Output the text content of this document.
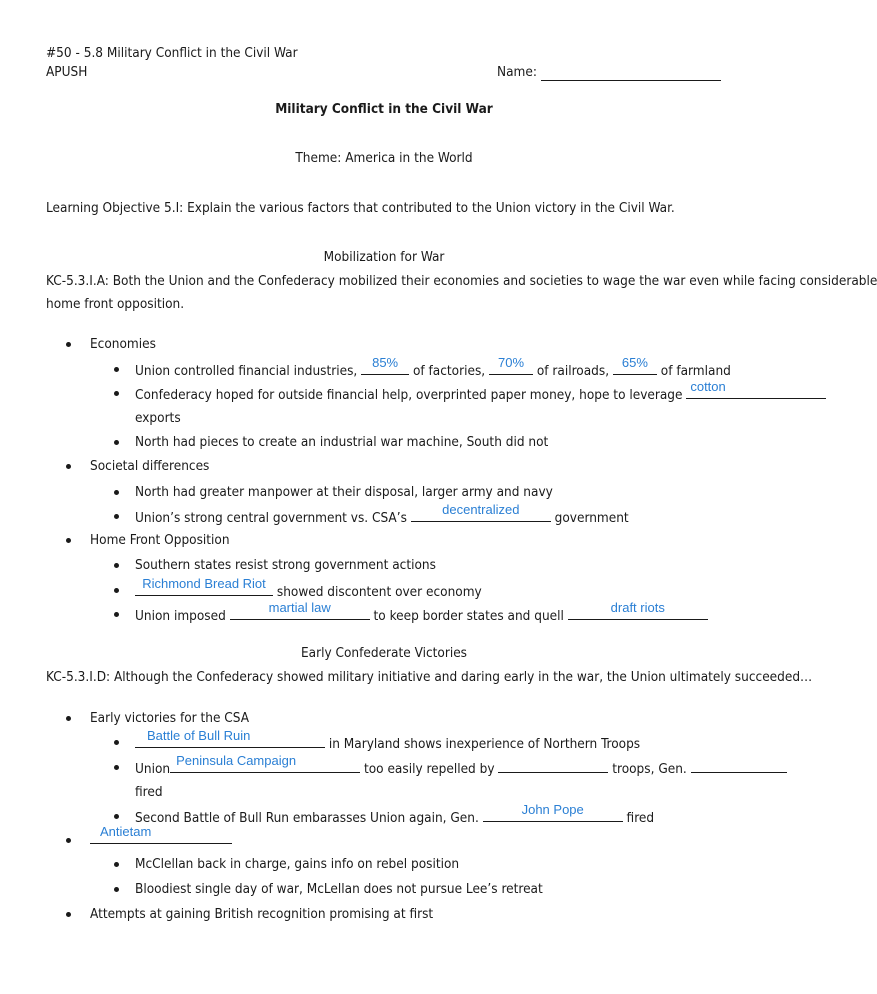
#50 - 5.8 Military Conflict in the Civil War
APUSH	Name:
Military Conflict in the Civil War
Theme: America in the World
Learning Objective 5.I: Explain the various factors that contributed to the Union victory in the Civil War.
Mobilization for War
KC-5.3.I.A: Both the Union and the Confederacy mobilized their economies and societies to wage the war even while facing considerable
home front opposition.
Economies
Union controlled financial industries,
85%
of factories,
70%
of railroads,
65%
of farmland
Confederacy hoped for outside financial help, overprinted paper money, hope to leverage
cotton
exports
North had pieces to create an industrial war machine, South did not
Societal differences
North had greater manpower at their disposal, larger army and navy
Union’s strong central government vs. CSA’s
decentralized
government
Home Front Opposition
Southern states resist strong government actions
Richmond Bread Riot
showed discontent over economy
Union imposed
martial law
to keep border states and quell
draft riots
Early Confederate Victories
KC-5.3.I.D: Although the Confederacy showed military initiative and daring early in the war, the Union ultimately succeeded…
Early victories for the CSA
Battle of Bull Ruin
in Maryland shows inexperience of Northern Troops
Union
Peninsula Campaign
too easily repelled by	troops, Gen.
fired
Second Battle of Bull Run embarasses Union again, Gen.
John Pope
fired
Antietam
McClellan back in charge, gains info on rebel position
Bloodiest single day of war, McLellan does not pursue Lee’s retreat
Attempts at gaining British recognition promising at first
